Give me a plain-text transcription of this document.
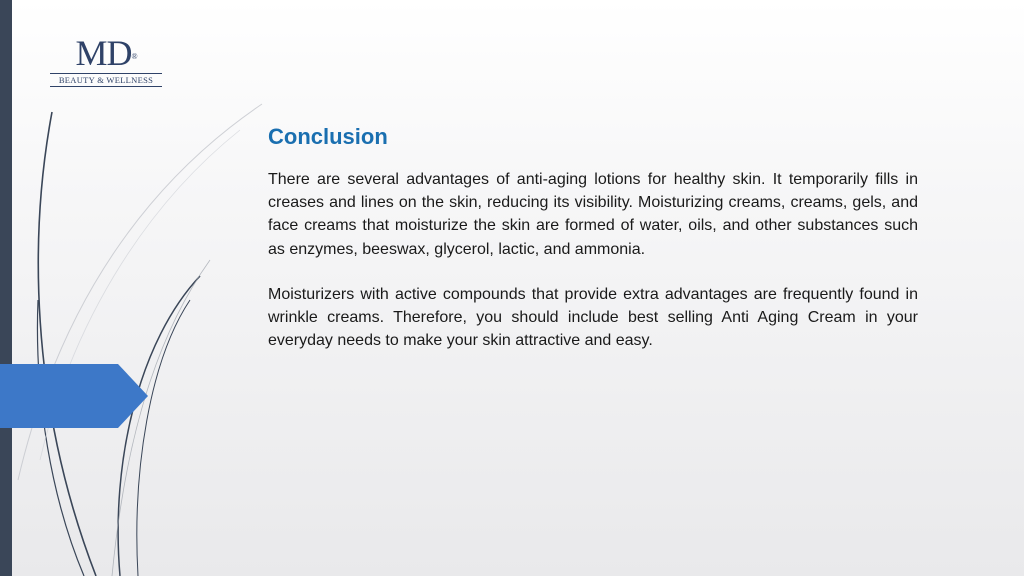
MD®
BEAUTY & WELLNESS
Conclusion

There are several advantages of anti-aging lotions for healthy skin. It temporarily fills in creases and lines on the skin, reducing its visibility. Moisturizing creams, creams, gels, and face creams that moisturize the skin are formed of water, oils, and other substances such as enzymes, beeswax, glycerol, lactic, and ammonia.

Moisturizers with active compounds that provide extra advantages are frequently found in wrinkle creams. Therefore, you should include best selling Anti Aging Cream in your everyday needs to make your skin attractive and easy.
